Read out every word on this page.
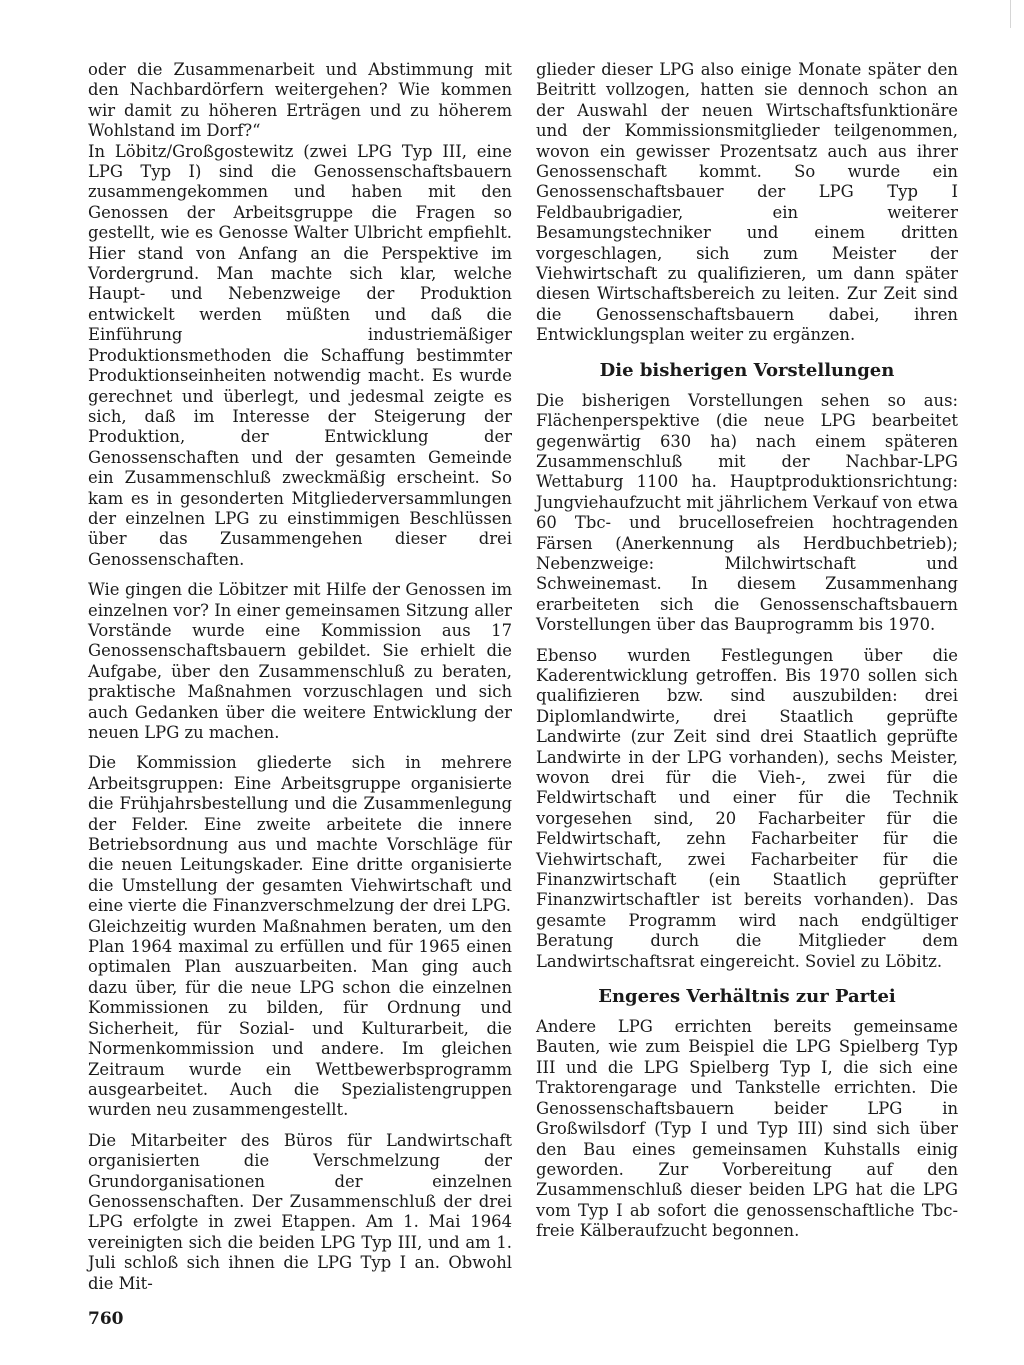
oder die Zusammenarbeit und Abstimmung mit den Nachbardörfern weitergehen? Wie kommen wir damit zu höheren Erträgen und zu höherem Wohlstand im Dorf?“

In Löbitz/Großgostewitz (zwei LPG Typ III, eine LPG Typ I) sind die Genossenschaftsbauern zusammengekommen und haben mit den Genossen der Arbeitsgruppe die Fragen so gestellt, wie es Genosse Walter Ulbricht empfiehlt. Hier stand von Anfang an die Perspektive im Vordergrund. Man machte sich klar, welche Haupt- und Nebenzweige der Produktion entwickelt werden müßten und daß die Einführung industriemäßiger Produktionsmethoden die Schaffung bestimmter Produktionseinheiten notwendig macht. Es wurde gerechnet und überlegt, und jedesmal zeigte es sich, daß im Interesse der Steigerung der Produktion, der Entwicklung der Genossenschaften und der gesamten Gemeinde ein Zusammenschluß zweckmäßig erscheint. So kam es in gesonderten Mitgliederversammlungen der einzelnen LPG zu einstimmigen Beschlüssen über das Zusammengehen dieser drei Genossenschaften.

Wie gingen die Löbitzer mit Hilfe der Genossen im einzelnen vor? In einer gemeinsamen Sitzung aller Vorstände wurde eine Kommission aus 17 Genossenschaftsbauern gebildet. Sie erhielt die Aufgabe, über den Zusammenschluß zu beraten, praktische Maßnahmen vorzuschlagen und sich auch Gedanken über die weitere Entwicklung der neuen LPG zu machen.

Die Kommission gliederte sich in mehrere Arbeitsgruppen: Eine Arbeitsgruppe organisierte die Frühjahrsbestellung und die Zusammenlegung der Felder. Eine zweite arbeitete die innere Betriebsordnung aus und machte Vorschläge für die neuen Leitungskader. Eine dritte organisierte die Umstellung der gesamten Viehwirtschaft und eine vierte die Finanzverschmelzung der drei LPG.

Gleichzeitig wurden Maßnahmen beraten, um den Plan 1964 maximal zu erfüllen und für 1965 einen optimalen Plan auszuarbeiten. Man ging auch dazu über, für die neue LPG schon die einzelnen Kommissionen zu bilden, für Ordnung und Sicherheit, für Sozial- und Kulturarbeit, die Normenkommission und andere. Im gleichen Zeitraum wurde ein Wettbewerbsprogramm ausgearbeitet. Auch die Spezialistengruppen wurden neu zusammengestellt.

Die Mitarbeiter des Büros für Landwirtschaft organisierten die Verschmelzung der Grundorganisationen der einzelnen Genossenschaften. Der Zusammenschluß der drei LPG erfolgte in zwei Etappen. Am 1. Mai 1964 vereinigten sich die beiden LPG Typ III, und am 1. Juli schloß sich ihnen die LPG Typ I an. Obwohl die Mit-

glieder dieser LPG also einige Monate später den Beitritt vollzogen, hatten sie dennoch schon an der Auswahl der neuen Wirtschaftsfunktionäre und der Kommissionsmitglieder teilgenommen, wovon ein gewisser Prozentsatz auch aus ihrer Genossenschaft kommt. So wurde ein Genossenschaftsbauer der LPG Typ I Feldbaubrigadier, ein weiterer Besamungstechniker und einem dritten vorgeschlagen, sich zum Meister der Viehwirtschaft zu qualifizieren, um dann später diesen Wirtschaftsbereich zu leiten. Zur Zeit sind die Genossenschaftsbauern dabei, ihren Entwicklungsplan weiter zu ergänzen.

Die bisherigen Vorstellungen

Die bisherigen Vorstellungen sehen so aus: Flächenperspektive (die neue LPG bearbeitet gegenwärtig 630 ha) nach einem späteren Zusammenschluß mit der Nachbar-LPG Wettaburg 1100 ha. Hauptproduktionsrichtung: Jungviehaufzucht mit jährlichem Verkauf von etwa 60 Tbc- und brucellosefreien hochtragenden Färsen (Anerkennung als Herdbuchbetrieb); Nebenzweige: Milchwirtschaft und Schweinemast. In diesem Zusammenhang erarbeiteten sich die Genossenschaftsbauern Vorstellungen über das Bauprogramm bis 1970.

Ebenso wurden Festlegungen über die Kaderentwicklung getroffen. Bis 1970 sollen sich qualifizieren bzw. sind auszubilden: drei Diplomlandwirte, drei Staatlich geprüfte Landwirte (zur Zeit sind drei Staatlich geprüfte Landwirte in der LPG vorhanden), sechs Meister, wovon drei für die Vieh-, zwei für die Feldwirtschaft und einer für die Technik vorgesehen sind, 20 Facharbeiter für die Feldwirtschaft, zehn Facharbeiter für die Viehwirtschaft, zwei Facharbeiter für die Finanzwirtschaft (ein Staatlich geprüfter Finanzwirtschaftler ist bereits vorhanden). Das gesamte Programm wird nach endgültiger Beratung durch die Mitglieder dem Landwirtschaftsrat eingereicht. Soviel zu Löbitz.

Engeres Verhältnis zur Partei

Andere LPG errichten bereits gemeinsame Bauten, wie zum Beispiel die LPG Spielberg Typ III und die LPG Spielberg Typ I, die sich eine Traktorengarage und Tankstelle errichten. Die Genossenschaftsbauern beider LPG in Großwilsdorf (Typ I und Typ III) sind sich über den Bau eines gemeinsamen Kuhstalls einig geworden. Zur Vorbereitung auf den Zusammenschluß dieser beiden LPG hat die LPG vom Typ I ab sofort die genossenschaftliche Tbc-freie Kälberaufzucht begonnen.

760
